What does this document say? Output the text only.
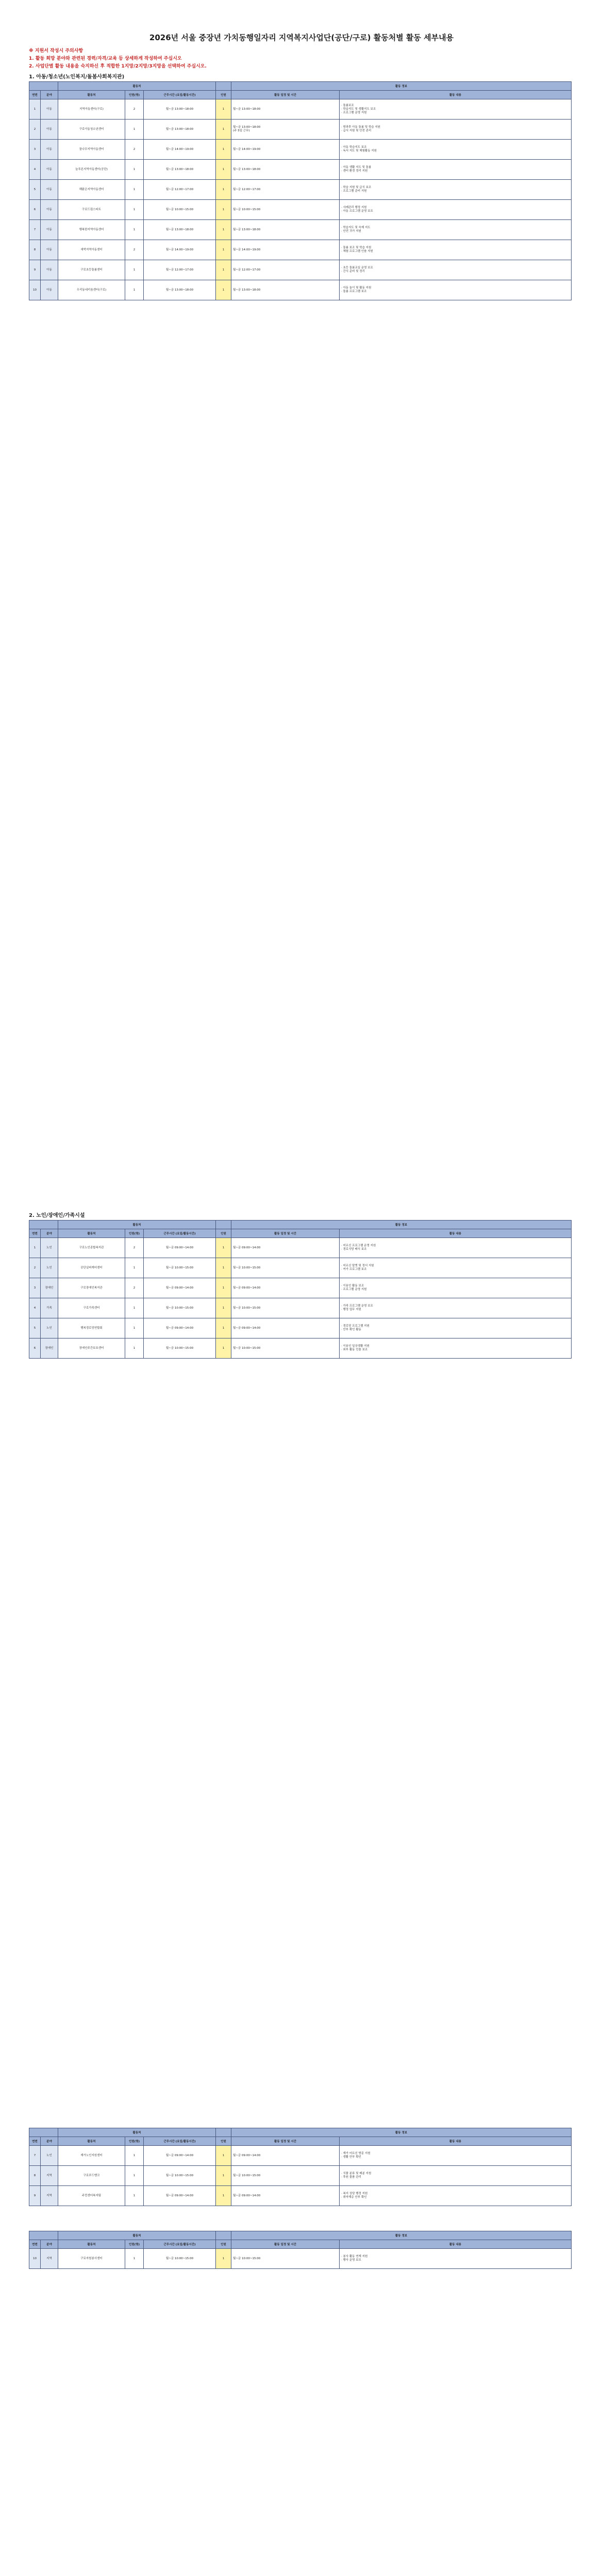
2026년 서울 중장년 가치동행일자리 지역복지사업단(공단/구로) 활동처별 활동 세부내용
※ 지원서 작성시 주의사항
1. 활동 희망 분야와 관련된 경력/자격/교육 등 상세하게 작성하여 주십시오
2. 사업단별 활동 내용을 숙지하신 후 적합한 1지망/2지망/3지망을 선택하여 주십시오.
1. 아동/청소년(노인복지/돌봄사회복지관)
		활동처				활동 정보	
연번	분야	활동처	인원(명)	근무시간 (요일/활동시간)	인원	활동 일정 및 시간	활동 내용
1	아동	지역아동센터(구로)	2	월~금 13:00~18:00	1	월~금 13:00~18:00	· 돌봄보조
· 학습지도 및 생활지도 보조
· 프로그램 운영 지원
2	아동	구로아동청소년센터	1	월~금 13:00~18:00	1	월~금 13:00~18:00
(주 5일 근무)	· 방과후 아동 돌봄 및 학습 지원
· 급식 지원 및 안전 관리
3	아동	꿈나무지역아동센터	2	월~금 14:00~19:00	1	월~금 14:00~19:00	· 아동 학습지도 보조
· 독서 지도 및 체험활동 지원
4	아동	늘푸른지역아동센터(공단)	1	월~금 13:00~18:00	1	월~금 13:00~18:00	· 아동 생활 지도 및 돌봄
· 센터 환경 정리 지원
5	아동	해맑은지역아동센터	1	월~금 12:00~17:00	1	월~금 12:00~17:00	· 학습 지원 및 급식 보조
· 프로그램 준비 지원
6	아동	구로드림스타트	1	월~금 10:00~15:00	1	월~금 10:00~15:00	· 사례관리 행정 지원
· 아동 프로그램 운영 보조
7	아동	행복한지역아동센터	1	월~금 13:00~18:00	1	월~금 13:00~18:00	· 학습지도 및 숙제 지도
· 안전 귀가 지원
8	아동	새싹지역아동센터	2	월~금 14:00~19:00	1	월~금 14:00~19:00	· 돌봄 보조 및 학습 지원
· 체험 프로그램 인솔 지원
9	아동	구로초등돌봄센터	1	월~금 12:00~17:00	1	월~금 12:00~17:00	· 초등 돌봄교실 운영 보조
· 간식 준비 및 정리
10	아동	우리동네키움센터(구로)	1	월~금 13:00~18:00	1	월~금 13:00~18:00	· 아동 놀이 및 활동 지원
· 돌봄 프로그램 보조
2. 노인/장애인/가족시설
		활동처				활동 정보	
연번	분야	활동처	인원(명)	근무시간 (요일/활동시간)	인원	활동 일정 및 시간	활동 내용
1	노인	구로노인종합복지관	2	월~금 09:00~14:00	1	월~금 09:00~14:00	· 어르신 프로그램 운영 지원
· 경로식당 배식 보조
2	노인	공단실버케어센터	1	월~금 10:00~15:00	1	월~금 10:00~15:00	· 어르신 말벗 및 정서 지원
· 여가 프로그램 보조
3	장애인	구로장애인복지관	2	월~금 09:00~14:00	1	월~금 09:00~14:00	· 이용인 활동 보조
· 프로그램 운영 지원
4	가족	구로가족센터	1	월~금 10:00~15:00	1	월~금 10:00~15:00	· 가족 프로그램 운영 보조
· 행정 업무 지원
5	노인	행복경로당연합회	1	월~금 09:00~14:00	1	월~금 09:00~14:00	· 경로당 프로그램 지원
· 안부 확인 활동
6	장애인	장애인주간보호센터	1	월~금 10:00~15:00	1	월~금 10:00~15:00	· 이용인 일상생활 지원
· 외부 활동 인솔 보조
		활동처				활동 정보	
연번	분야	활동처	인원(명)	근무시간 (요일/활동시간)	인원	활동 일정 및 시간	활동 내용
7	노인	재가노인지원센터	1	월~금 09:00~14:00	1	월~금 09:00~14:00	· 재가 어르신 방문 지원
· 생활 안부 확인
8	지역	구로푸드뱅크	1	월~금 10:00~15:00	1	월~금 10:00~15:00	· 식품 분류 및 배분 지원
· 후원 물품 관리
9	지역	주민센터복지팀	1	월~금 09:00~14:00	1	월~금 09:00~14:00	· 복지 상담 행정 지원
· 취약계층 안부 확인
		활동처				활동 정보	
연번	분야	활동처	인원(명)	근무시간 (요일/활동시간)	인원	활동 일정 및 시간	활동 내용
10	지역	구로자원봉사센터	1	월~금 10:00~15:00	1	월~금 10:00~15:00	· 봉사 활동 연계 지원
· 행사 운영 보조
